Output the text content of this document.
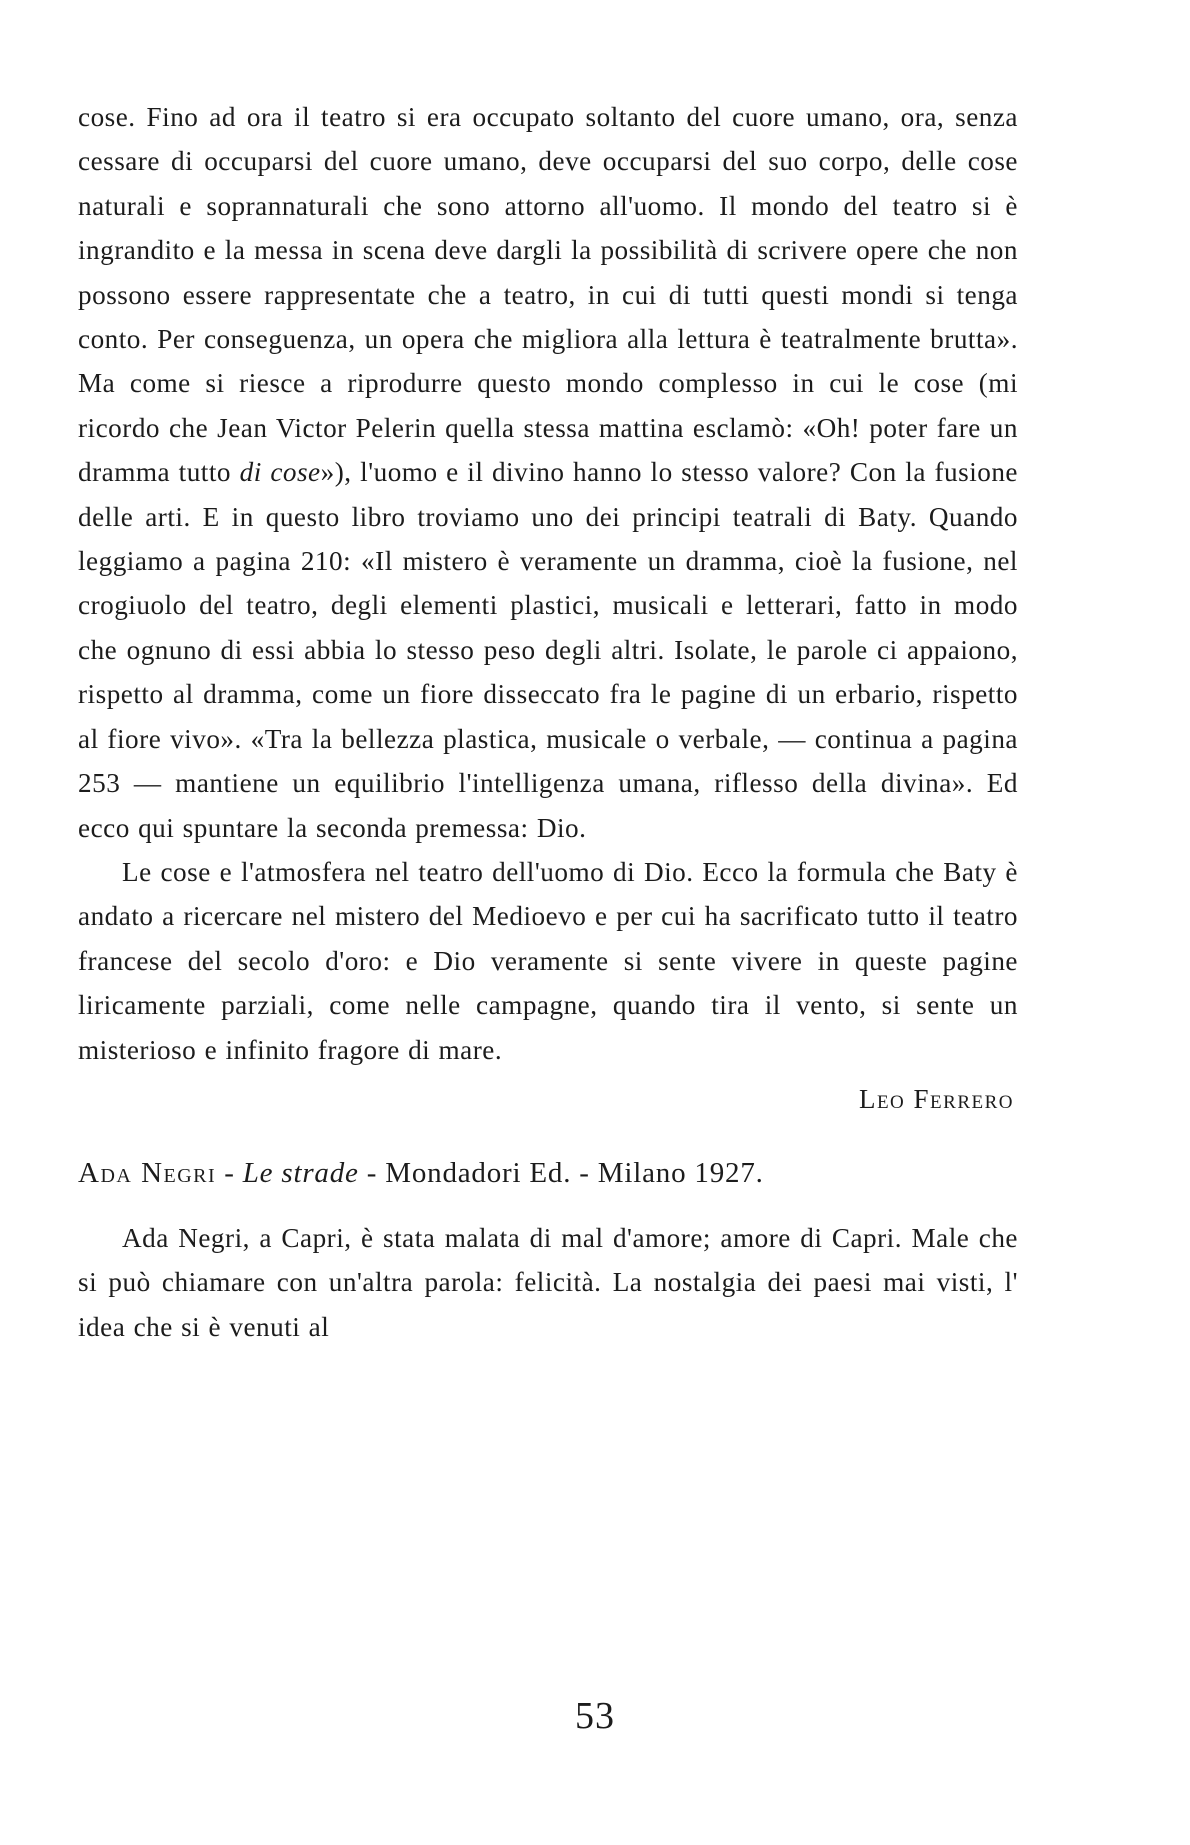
cose. Fino ad ora il teatro si era occupato soltanto del cuore umano, ora, senza cessare di occuparsi del cuore umano, deve occuparsi del suo corpo, delle cose naturali e soprannaturali che sono attorno all'uomo. Il mondo del teatro si è ingrandito e la messa in scena deve dargli la possibilità di scrivere opere che non possono essere rappresentate che a teatro, in cui di tutti questi mondi si tenga conto. Per conseguenza, un opera che migliora alla lettura è teatralmente brutta». Ma come si riesce a riprodurre questo mondo complesso in cui le cose (mi ricordo che Jean Victor Pelerin quella stessa mattina esclamò: «Oh! poter fare un dramma tutto di cose»), l'uomo e il divino hanno lo stesso valore? Con la fusione delle arti. E in questo libro troviamo uno dei principi teatrali di Baty. Quando leggiamo a pagina 210: «Il mistero è veramente un dramma, cioè la fusione, nel crogiuolo del teatro, degli elementi plastici, musicali e letterari, fatto in modo che ognuno di essi abbia lo stesso peso degli altri. Isolate, le parole ci appaiono, rispetto al dramma, come un fiore disseccato fra le pagine di un erbario, rispetto al fiore vivo». «Tra la bellezza plastica, musicale o verbale, — continua a pagina 253 — mantiene un equilibrio l'intelligenza umana, riflesso della divina». Ed ecco qui spuntare la seconda premessa: Dio.

Le cose e l'atmosfera nel teatro dell'uomo di Dio. Ecco la formula che Baty è andato a ricercare nel mistero del Medioevo e per cui ha sacrificato tutto il teatro francese del secolo d'oro: e Dio veramente si sente vivere in queste pagine liricamente parziali, come nelle campagne, quando tira il vento, si sente un misterioso e infinito fragore di mare.

Leo Ferrero
Ada Negri - Le strade - Mondadori Ed. - Milano 1927.

Ada Negri, a Capri, è stata malata di mal d'amore; amore di Capri. Male che si può chiamare con un'altra parola: felicità. La nostalgia dei paesi mai visti, l' idea che si è venuti al

53
